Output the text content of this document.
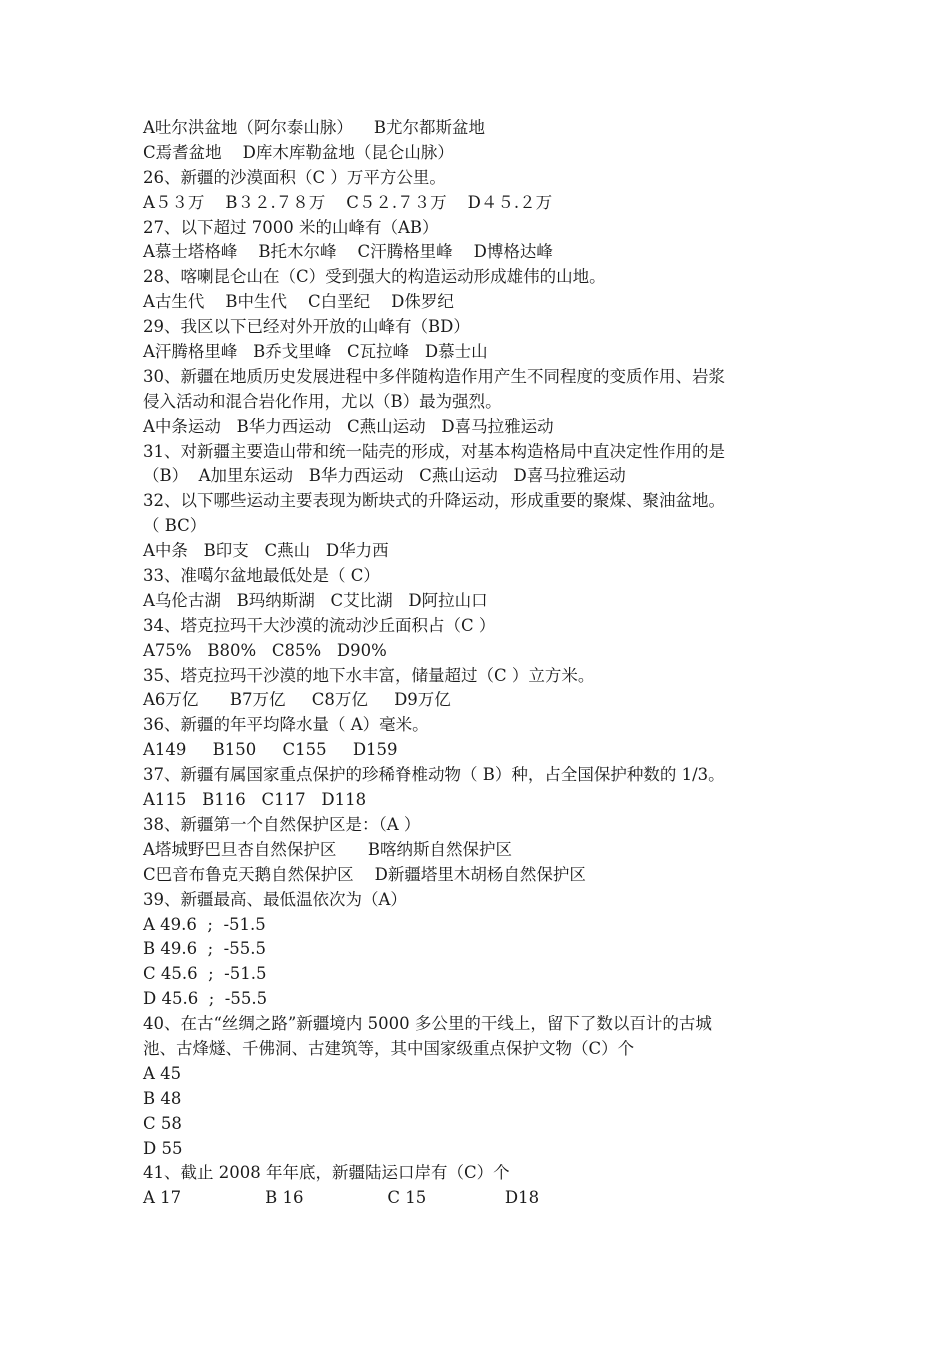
A吐尔洪盆地（阿尔泰山脉）    B尤尔都斯盆地
C焉耆盆地    D库木库勒盆地（昆仑山脉）
26、新疆的沙漠面积（C ）万平方公里。
A５３万    B３２.７８万    C５２.７３万    D４５.２万
27、以下超过 7000 米的山峰有（AB）
A慕士塔格峰    B托木尔峰    C汗腾格里峰    D博格达峰
28、喀喇昆仑山在（C）受到强大的构造运动形成雄伟的山地。
A古生代    B中生代    C白垩纪    D侏罗纪
29、我区以下已经对外开放的山峰有（BD）
A汗腾格里峰   B乔戈里峰   C瓦拉峰   D慕士山
30、新疆在地质历史发展进程中多伴随构造作用产生不同程度的变质作用、岩浆
侵入活动和混合岩化作用，尤以（B）最为强烈。
A中条运动   B华力西运动   C燕山运动   D喜马拉雅运动
31、对新疆主要造山带和统一陆壳的形成，对基本构造格局中直决定性作用的是
（B）  A加里东运动   B华力西运动   C燕山运动   D喜马拉雅运动
32、以下哪些运动主要表现为断块式的升降运动，形成重要的聚煤、聚油盆地。
（ BC）
A中条   B印支   C燕山   D华力西
33、准噶尔盆地最低处是（ C）
A乌伦古湖   B玛纳斯湖   C艾比湖   D阿拉山口
34、塔克拉玛干大沙漠的流动沙丘面积占（C ）
A75%   B80%   C85%   D90%
35、塔克拉玛干沙漠的地下水丰富，储量超过（C ）立方米。
A6万亿      B7万亿     C8万亿     D9万亿
36、新疆的年平均降水量（ A）毫米。
A149     B150     C155     D159
37、新疆有属国家重点保护的珍稀脊椎动物（ B）种，占全国保护种数的 1/3。
A115   B116   C117   D118
38、新疆第一个自然保护区是：（A ）
A塔城野巴旦杏自然保护区      B喀纳斯自然保护区
C巴音布鲁克天鹅自然保护区    D新疆塔里木胡杨自然保护区
39、新疆最高、最低温依次为（A）
A 49.6  ;  -51.5
B 49.6  ;  -55.5
C 45.6  ;  -51.5
D 45.6  ;  -55.5
40、在古“丝绸之路”新疆境内 5000 多公里的干线上，留下了数以百计的古城
池、古烽燧、千佛洞、古建筑等，其中国家级重点保护文物（C）个
A 45
B 48
C 58
D 55
41、截止 2008 年年底，新疆陆运口岸有（C）个
A 17                B 16                C 15               D18
